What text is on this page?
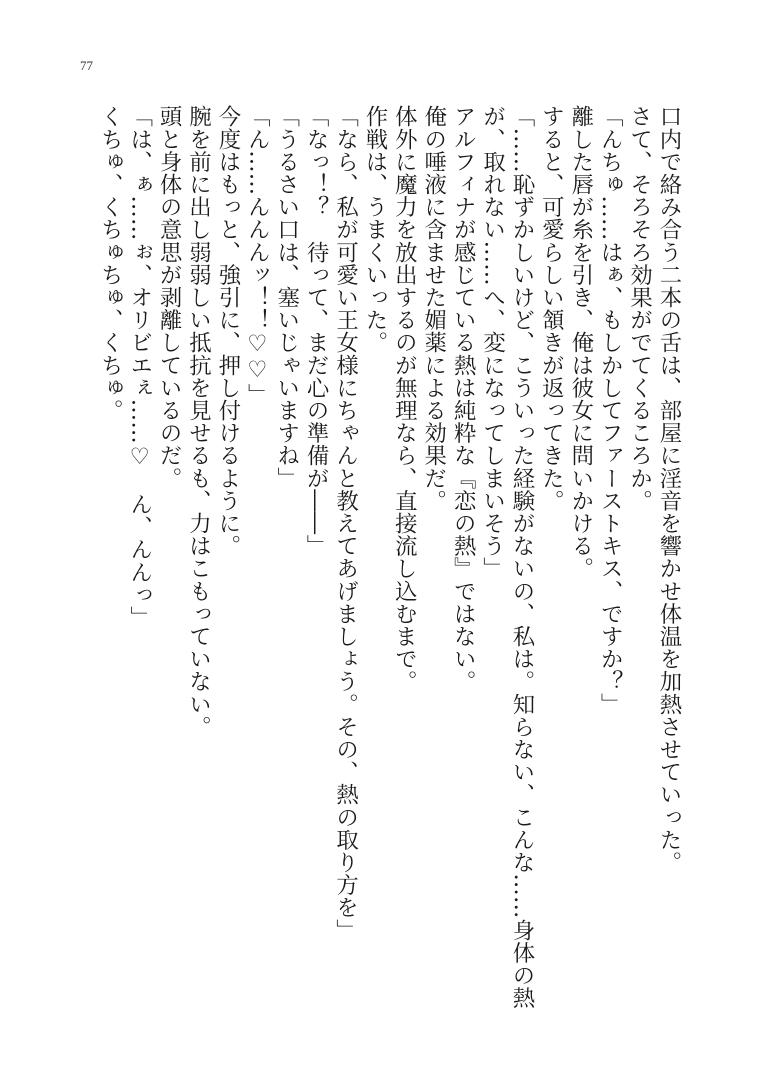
77
口内で絡み合う二本の舌は、部屋に淫音を響かせ体温を加熱させていった。
さて、そろそろ効果がでてくるころか。
「んちゅ……はぁ、もしかしてファーストキス、ですか？」
離した唇が糸を引き、俺は彼女に問いかける。
すると、可愛らしい頷きが返ってきた。
「……恥ずかしいけど、こういった経験がないの、私は。知らない、こんな……身体の熱
が、取れない……へ、変になってしまいそう」
アルフィナが感じている熱は純粋な『恋の熱』ではない。
俺の唾液に含ませた媚薬による効果だ。
体外に魔力を放出するのが無理なら、直接流し込むまで。
作戦は、うまくいった。
「なら、私が可愛い王女様にちゃんと教えてあげましょう。その、熱の取り方を」
「なっ！？　待って、まだ心の準備が――」
「うるさい口は、塞いじゃいますね」
「ん……んんんッ！！♡♡」
今度はもっと、強引に、押し付けるように。
腕を前に出し弱弱しい抵抗を見せるも、力はこもっていない。
頭と身体の意思が剥離しているのだ。
「は、ぁ……ぉ、オリビエぇ……♡　ん、んんっ」
くちゅ、くちゅちゅ、くちゅ。
